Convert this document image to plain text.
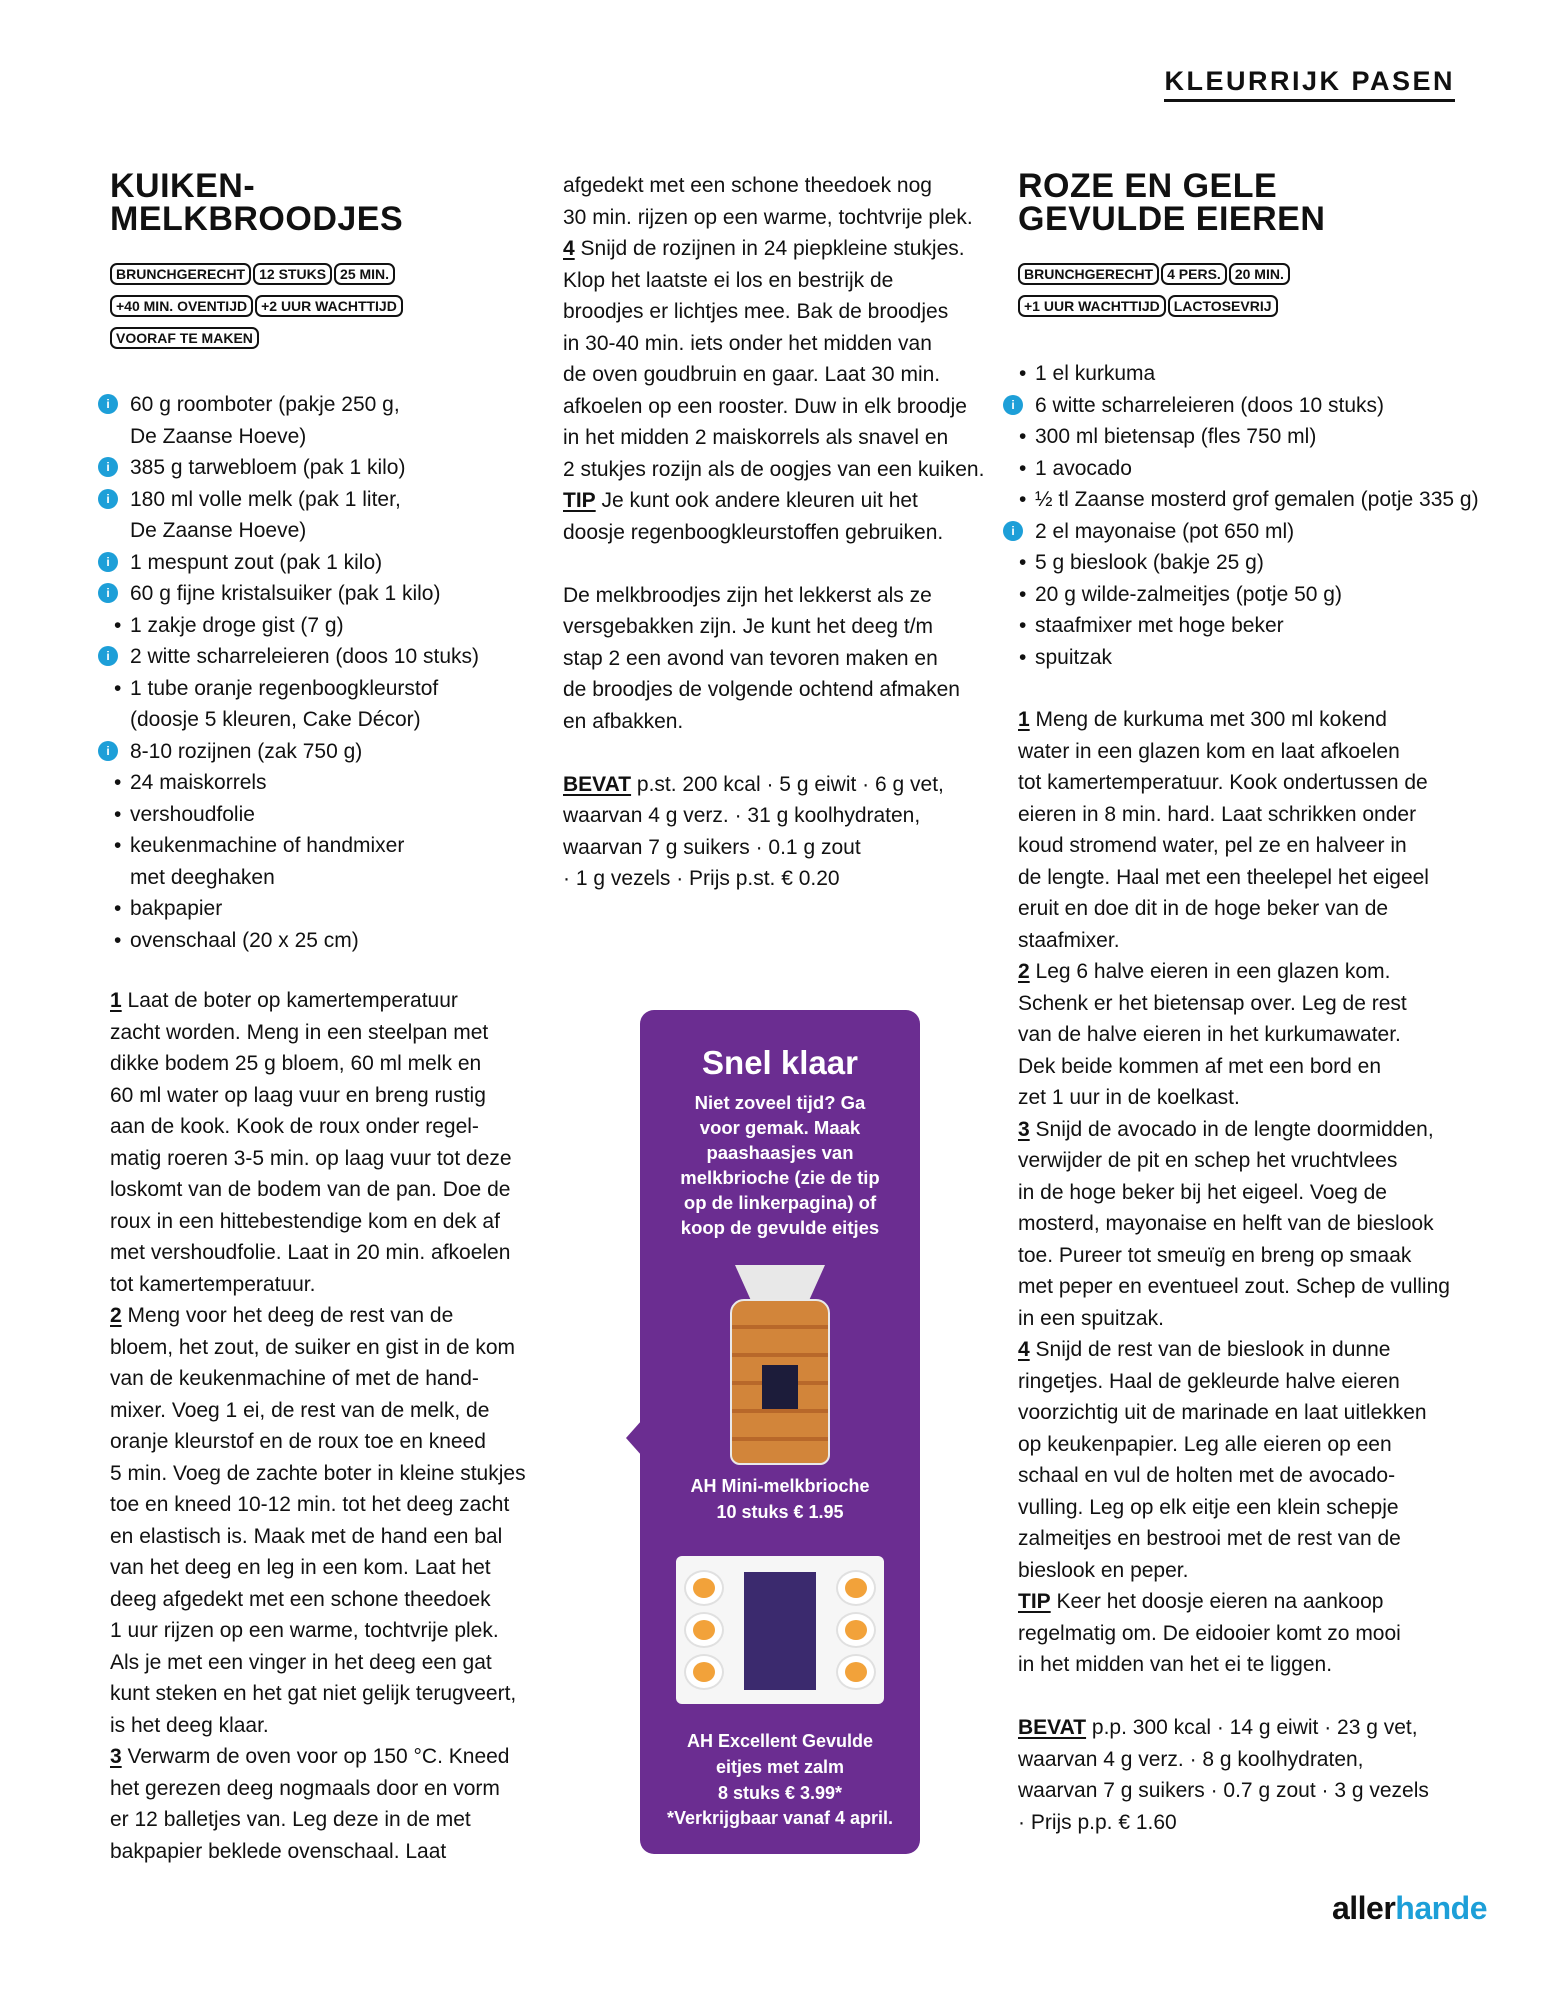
KLEURRIJK PASEN
KUIKEN-
MELKBROODJES
BRUNCHGERECHT 12 STUKS 25 MIN.
+40 MIN. OVENTIJD +2 UUR WACHTTIJD
VOORAF TE MAKEN
i 60 g roomboter (pakje 250 g,
De Zaanse Hoeve)
i 385 g tarwebloem (pak 1 kilo)
i 180 ml volle melk (pak 1 liter,
De Zaanse Hoeve)
i 1 mespunt zout (pak 1 kilo)
i 60 g fijne kristalsuiker (pak 1 kilo)
• 1 zakje droge gist (7 g)
i 2 witte scharreleieren (doos 10 stuks)
• 1 tube oranje regenboogkleurstof
(doosje 5 kleuren, Cake Décor)
i 8-10 rozijnen (zak 750 g)
• 24 maiskorrels
• vershoudfolie
• keukenmachine of handmixer
met deeghaken
• bakpapier
• ovenschaal (20 x 25 cm)

1 Laat de boter op kamertemperatuur
zacht worden. Meng in een steelpan met
dikke bodem 25 g bloem, 60 ml melk en
60 ml water op laag vuur en breng rustig
aan de kook. Kook de roux onder regel-
matig roeren 3-5 min. op laag vuur tot deze
loskomt van de bodem van de pan. Doe de
roux in een hittebestendige kom en dek af
met vershoudfolie. Laat in 20 min. afkoelen
tot kamertemperatuur.

2 Meng voor het deeg de rest van de
bloem, het zout, de suiker en gist in de kom
van de keukenmachine of met de hand-
mixer. Voeg 1 ei, de rest van de melk, de
oranje kleurstof en de roux toe en kneed
5 min. Voeg de zachte boter in kleine stukjes
toe en kneed 10-12 min. tot het deeg zacht
en elastisch is. Maak met de hand een bal
van het deeg en leg in een kom. Laat het
deeg afgedekt met een schone theedoek
1 uur rijzen op een warme, tochtvrije plek.
Als je met een vinger in het deeg een gat
kunt steken en het gat niet gelijk terugveert,
is het deeg klaar.

3 Verwarm de oven voor op 150 °C. Kneed
het gerezen deeg nogmaals door en vorm
er 12 balletjes van. Leg deze in de met
bakpapier beklede ovenschaal. Laat

afgedekt met een schone theedoek nog
30 min. rijzen op een warme, tochtvrije plek.

4 Snijd de rozijnen in 24 piepkleine stukjes.
Klop het laatste ei los en bestrijk de
broodjes er lichtjes mee. Bak de broodjes
in 30-40 min. iets onder het midden van
de oven goudbruin en gaar. Laat 30 min.
afkoelen op een rooster. Duw in elk broodje
in het midden 2 maiskorrels als snavel en
2 stukjes rozijn als de oogjes van een kuiken.

TIP Je kunt ook andere kleuren uit het
doosje regenboogkleurstoffen gebruiken.

De melkbroodjes zijn het lekkerst als ze
versgebakken zijn. Je kunt het deeg t/m
stap 2 een avond van tevoren maken en
de broodjes de volgende ochtend afmaken
en afbakken.

BEVAT p.st. 200 kcal · 5 g eiwit · 6 g vet,
waarvan 4 g verz. · 31 g koolhydraten,
waarvan 7 g suikers · 0.1 g zout
· 1 g vezels · Prijs p.st. € 0.20

Snel klaar
Niet zoveel tijd? Ga
voor gemak. Maak
paashaasjes van
melkbrioche (zie de tip
op de linkerpagina) of
koop de gevulde eitjes
AH Mini-melkbrioche
10 stuks € 1.95
AH Excellent Gevulde
eitjes met zalm
8 stuks € 3.99*
*Verkrijgbaar vanaf 4 april.
ROZE EN GELE
GEVULDE EIEREN
BRUNCHGERECHT 4 PERS. 20 MIN.
+1 UUR WACHTTIJD LACTOSEVRIJ
• 1 el kurkuma
i 6 witte scharreleieren (doos 10 stuks)
• 300 ml bietensap (fles 750 ml)
• 1 avocado
• ½ tl Zaanse mosterd grof gemalen (potje 335 g)
i 2 el mayonaise (pot 650 ml)
• 5 g bieslook (bakje 25 g)
• 20 g wilde-zalmeitjes (potje 50 g)
• staafmixer met hoge beker
• spuitzak

1 Meng de kurkuma met 300 ml kokend
water in een glazen kom en laat afkoelen
tot kamertemperatuur. Kook ondertussen de
eieren in 8 min. hard. Laat schrikken onder
koud stromend water, pel ze en halveer in
de lengte. Haal met een theelepel het eigeel
eruit en doe dit in de hoge beker van de
staafmixer.

2 Leg 6 halve eieren in een glazen kom.
Schenk er het bietensap over. Leg de rest
van de halve eieren in het kurkumawater.
Dek beide kommen af met een bord en
zet 1 uur in de koelkast.

3 Snijd de avocado in de lengte doormidden,
verwijder de pit en schep het vruchtvlees
in de hoge beker bij het eigeel. Voeg de
mosterd, mayonaise en helft van de bieslook
toe. Pureer tot smeuïg en breng op smaak
met peper en eventueel zout. Schep de vulling
in een spuitzak.

4 Snijd de rest van de bieslook in dunne
ringetjes. Haal de gekleurde halve eieren
voorzichtig uit de marinade en laat uitlekken
op keukenpapier. Leg alle eieren op een
schaal en vul de holten met de avocado-
vulling. Leg op elk eitje een klein schepje
zalmeitjes en bestrooi met de rest van de
bieslook en peper.

TIP Keer het doosje eieren na aankoop
regelmatig om. De eidooier komt zo mooi
in het midden van het ei te liggen.

BEVAT p.p. 300 kcal · 14 g eiwit · 23 g vet,
waarvan 4 g verz. · 8 g koolhydraten,
waarvan 7 g suikers · 0.7 g zout · 3 g vezels
· Prijs p.p. € 1.60

allerhande
